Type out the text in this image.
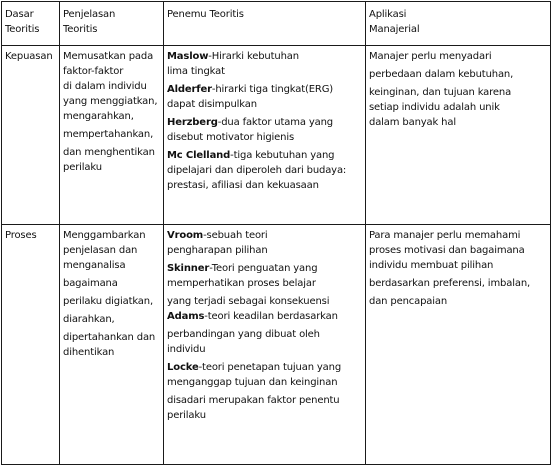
Dasar
Teoritis
Penjelasan
Teoritis
Penemu Teoritis	Aplikasi
Manajerial
Kepuasan Memusatkan pada
faktor-faktor
di dalam individu
yang menggiatkan,
mengarahkan,
mempertahankan,
dan menghentikan
perilaku
Maslow-Hirarki kebutuhan
lima tingkat
Alderfer-hirarki tiga tingkat(ERG)
dapat disimpulkan
Herzberg-dua faktor utama yang
disebut motivator higienis
Mc Clelland-tiga kebutuhan yang
dipelajari dan diperoleh dari budaya:
prestasi, afiliasi dan kekuasaan
Manajer perlu menyadari
perbedaan dalam kebutuhan,
keinginan, dan tujuan karena
setiap individu adalah unik
dalam banyak hal
Proses	Menggambarkan
penjelasan dan
menganalisa
bagaimana
perilaku digiatkan,
diarahkan,
dipertahankan dan
dihentikan
Vroom-sebuah teori
pengharapan pilihan
Skinner-Teori penguatan yang
memperhatikan proses belajar
yang terjadi sebagai konsekuensi
Adams-teori keadilan berdasarkan
perbandingan yang dibuat oleh
individu
Locke-teori penetapan tujuan yang
menganggap tujuan dan keinginan
disadari merupakan faktor penentu
perilaku
Para manajer perlu memahami
proses motivasi dan bagaimana
individu membuat pilihan
berdasarkan preferensi, imbalan,
dan pencapaian
